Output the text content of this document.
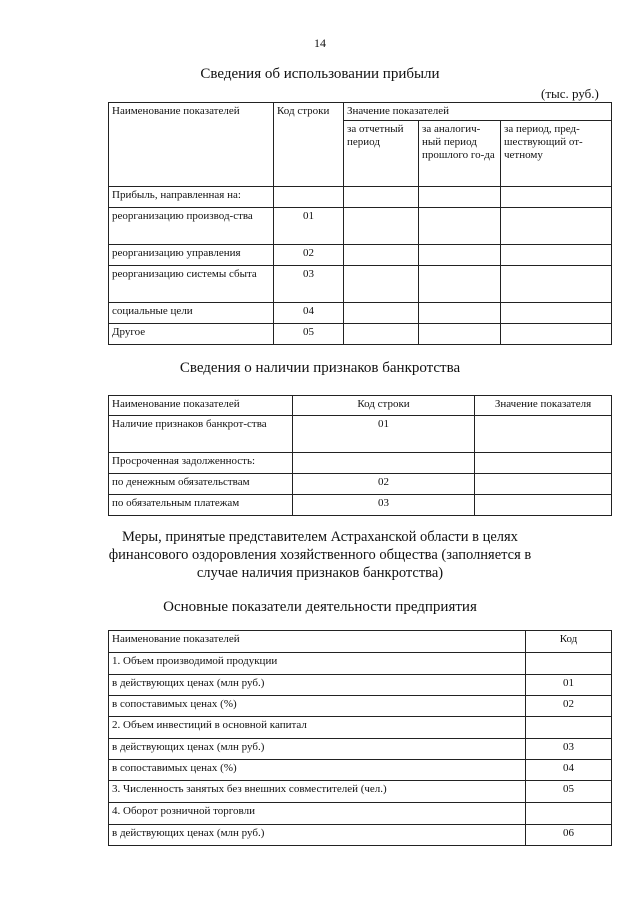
14
Сведения об использовании прибыли
(тыс. руб.)
Наименование показателей	Код строки	Значение показателей		
		за отчетный период	за аналогич-ный период прошлого го-да	за период, пред-шествующий от-четному
Прибыль, направленная на:				
реорганизацию производ-ства	01			
реорганизацию управления	02			
реорганизацию системы сбыта	03			
социальные цели	04			
Другое	05			
Сведения о наличии признаков банкротства
Наименование показателей	Код строки	Значение показателя
Наличие признаков банкрот-ства	01	
Просроченная задолженность:		
по денежным обязательствам	02	
по обязательным платежам	03	
Меры, принятые представителем Астраханской области в целях финансового оздоровления хозяйственного общества (заполняется в случае наличия признаков банкротства)
Основные показатели деятельности предприятия
Наименование показателей	Код
1. Объем производимой продукции	
в действующих ценах (млн руб.)	01
в сопоставимых ценах (%)	02
2. Объем инвестиций в основной капитал	
в действующих ценах (млн руб.)	03
в сопоставимых ценах (%)	04
3. Численность занятых без внешних совместителей (чел.)	05
4. Оборот розничной торговли	
в действующих ценах (млн руб.)	06
